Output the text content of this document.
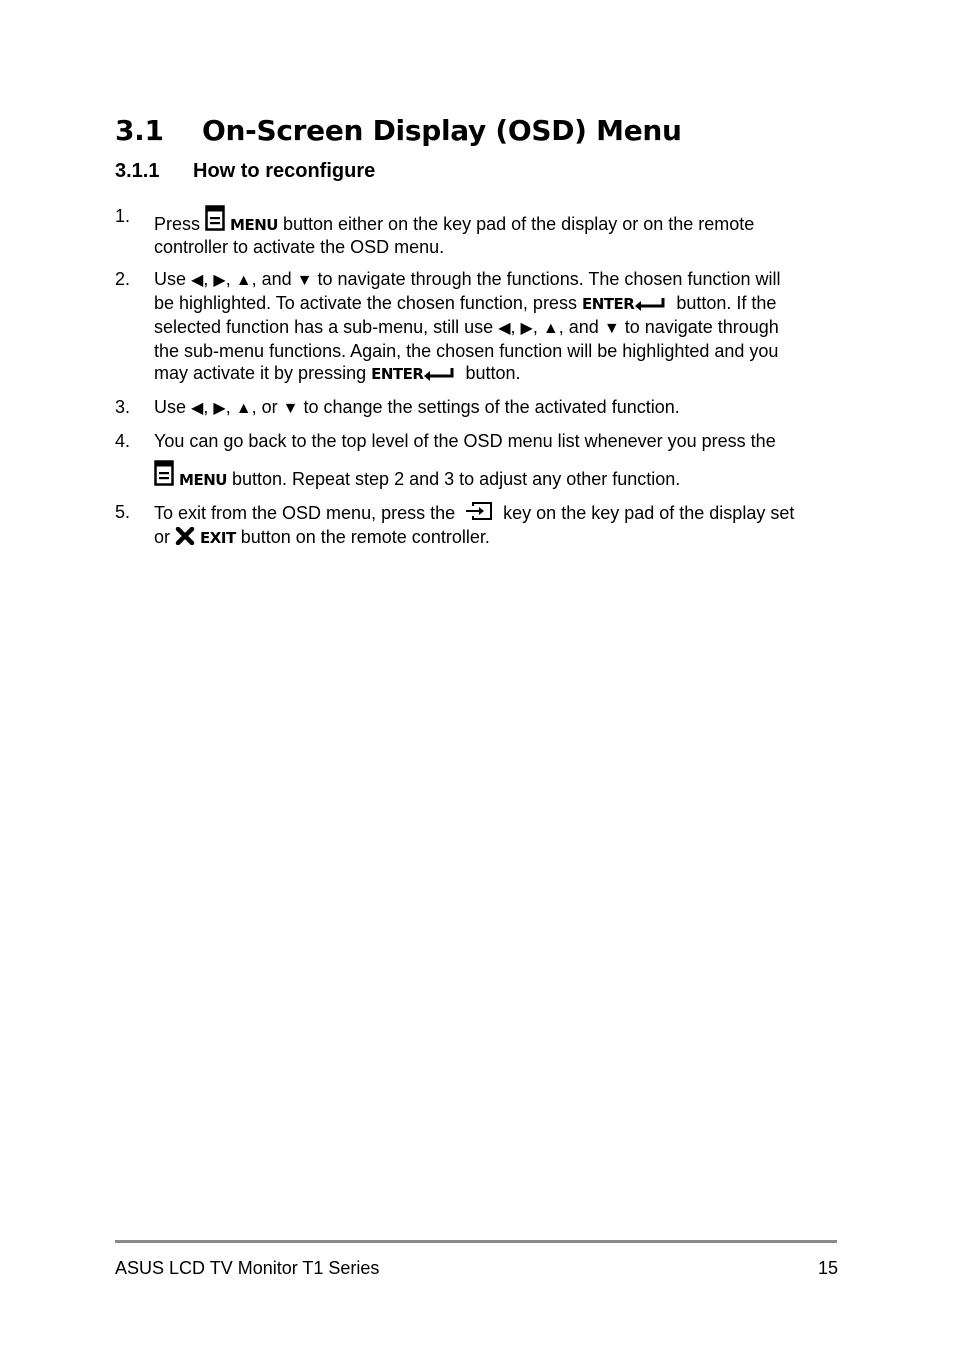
3.1 On-Screen Display (OSD) Menu
3.1.1 How to reconfigure
1. Press MENU button either on the key pad of the display or on the remote
controller to activate the OSD menu.
2. Use ◀, ▶, ▲, and ▼ to navigate through the functions. The chosen function will
be highlighted. To activate the chosen function, press ENTER button. If the
selected function has a sub-menu, still use ◀, ▶, ▲, and ▼ to navigate through
the sub-menu functions. Again, the chosen function will be highlighted and you
may activate it by pressing ENTER button.
3. Use ◀, ▶, ▲, or ▼ to change the settings of the activated function.
4. You can go back to the top level of the OSD menu list whenever you press the
MENU button. Repeat step 2 and 3 to adjust any other function.
5. To exit from the OSD menu, press the	key on the key pad of the display set
or EXIT button on the remote controller.
ASUS LCD TV Monitor T1 Series	15
